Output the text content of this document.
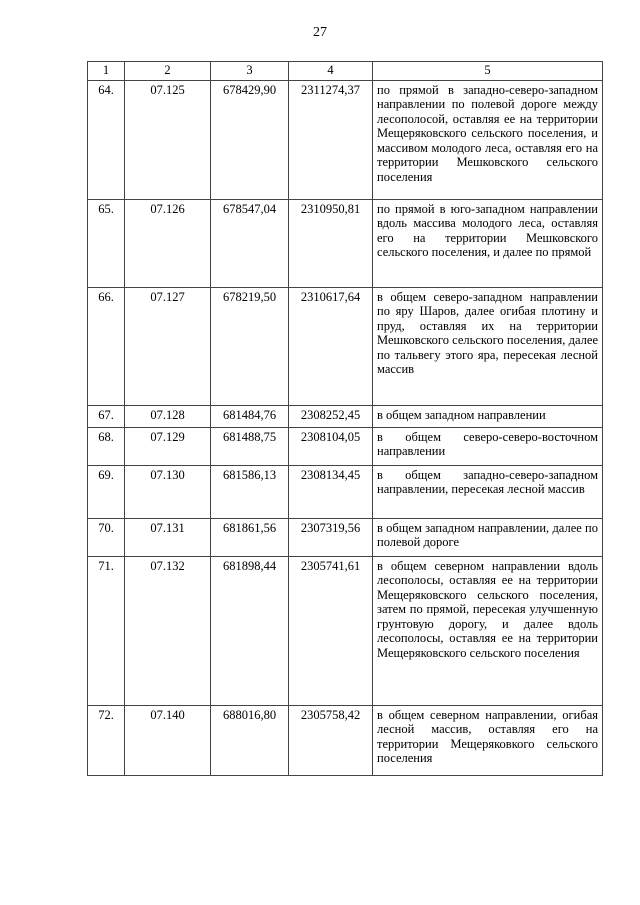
27
1	2	3	4	5
64.	07.125	678429,90	2311274,37	по прямой в западно-северо-западном направлении по полевой дороге между лесополосой, оставляя ее на территории Мещеряковского сельского поселения, и массивом молодого леса, оставляя его на территории Мешковского сельского поселения
65.	07.126	678547,04	2310950,81	по прямой в юго-западном направлении вдоль массива молодого леса, оставляя его на территории Мешковского сельского поселения, и далее по прямой
66.	07.127	678219,50	2310617,64	в общем северо-западном направлении по яру Шаров, далее огибая плотину и пруд, оставляя их на территории Мешковского сельского поселения, далее по тальвегу этого яра, пересекая лесной массив
67.	07.128	681484,76	2308252,45	в общем западном направлении
68.	07.129	681488,75	2308104,05	в общем северо-северо-восточном направлении
69.	07.130	681586,13	2308134,45	в общем западно-северо-западном направлении, пересекая лесной массив
70.	07.131	681861,56	2307319,56	в общем западном направлении, далее по полевой дороге
71.	07.132	681898,44	2305741,61	в общем северном направлении вдоль лесополосы, оставляя ее на территории Мещеряковского сельского поселения, затем по прямой, пересекая улучшенную грунтовую дорогу, и далее вдоль лесополосы, оставляя ее на территории Мещеряковского сельского поселения
72.	07.140	688016,80	2305758,42	в общем северном направлении, огибая лесной массив, оставляя его на территории Мещеряковкого сельского поселения
